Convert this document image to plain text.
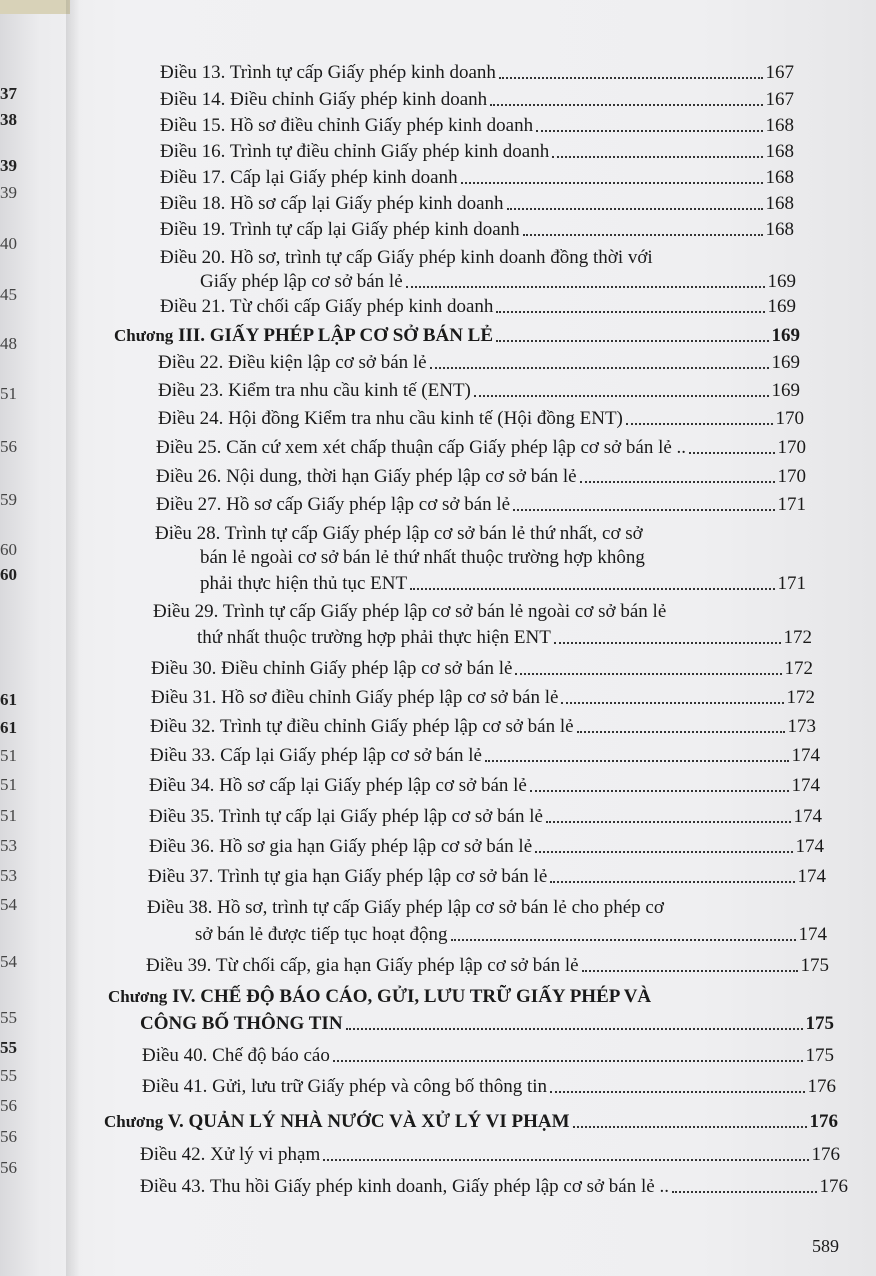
37
38
39
39
40
45
48
51
56
59
60
60
61
61
51
51
51
53
53
54
54
55
55
55
56
56
56
Điều 13. Trình tự cấp Giấy phép kinh doanh	167
Điều 14. Điều chỉnh Giấy phép kinh doanh	167
Điều 15. Hồ sơ điều chỉnh Giấy phép kinh doanh	168
Điều 16. Trình tự điều chỉnh Giấy phép kinh doanh	168
Điều 17. Cấp lại Giấy phép kinh doanh	168
Điều 18. Hồ sơ cấp lại Giấy phép kinh doanh	168
Điều 19. Trình tự cấp lại Giấy phép kinh doanh	168
Điều 20. Hồ sơ, trình tự cấp Giấy phép kinh doanh đồng thời với
Giấy phép lập cơ sở bán lẻ	169
Điều 21. Từ chối cấp Giấy phép kinh doanh	169
Chương III. GIẤY PHÉP LẬP CƠ SỞ BÁN LẺ	169
Điều 22. Điều kiện lập cơ sở bán lẻ	169
Điều 23. Kiểm tra nhu cầu kinh tế (ENT)	169
Điều 24. Hội đồng Kiểm tra nhu cầu kinh tế (Hội đồng ENT)	170
Điều 25. Căn cứ xem xét chấp thuận cấp Giấy phép lập cơ sở bán lẻ ..	170
Điều 26. Nội dung, thời hạn Giấy phép lập cơ sở bán lẻ	170
Điều 27. Hồ sơ cấp Giấy phép lập cơ sở bán lẻ	171
Điều 28. Trình tự cấp Giấy phép lập cơ sở bán lẻ thứ nhất, cơ sở
bán lẻ ngoài cơ sở bán lẻ thứ nhất thuộc trường hợp không
phải thực hiện thủ tục ENT	171
Điều 29. Trình tự cấp Giấy phép lập cơ sở bán lẻ ngoài cơ sở bán lẻ
thứ nhất thuộc trường hợp phải thực hiện ENT	172
Điều 30. Điều chỉnh Giấy phép lập cơ sở bán lẻ	172
Điều 31. Hồ sơ điều chỉnh Giấy phép lập cơ sở bán lẻ	172
Điều 32. Trình tự điều chỉnh Giấy phép lập cơ sở bán lẻ	173
Điều 33. Cấp lại Giấy phép lập cơ sở bán lẻ	174
Điều 34. Hồ sơ cấp lại Giấy phép lập cơ sở bán lẻ	174
Điều 35. Trình tự cấp lại Giấy phép lập cơ sở bán lẻ	174
Điều 36. Hồ sơ gia hạn Giấy phép lập cơ sở bán lẻ	174
Điều 37. Trình tự gia hạn Giấy phép lập cơ sở bán lẻ	174
Điều 38. Hồ sơ, trình tự cấp Giấy phép lập cơ sở bán lẻ cho phép cơ
sở bán lẻ được tiếp tục hoạt động	174
Điều 39. Từ chối cấp, gia hạn Giấy phép lập cơ sở bán lẻ	175
Chương IV. CHẾ ĐỘ BÁO CÁO, GỬI, LƯU TRỮ GIẤY PHÉP VÀ
CÔNG BỐ THÔNG TIN	175
Điều 40. Chế độ báo cáo	175
Điều 41. Gửi, lưu trữ Giấy phép và công bố thông tin	176
Chương V. QUẢN LÝ NHÀ NƯỚC VÀ XỬ LÝ VI PHẠM	176
Điều 42. Xử lý vi phạm	176
Điều 43. Thu hồi Giấy phép kinh doanh, Giấy phép lập cơ sở bán lẻ ..	176
589
